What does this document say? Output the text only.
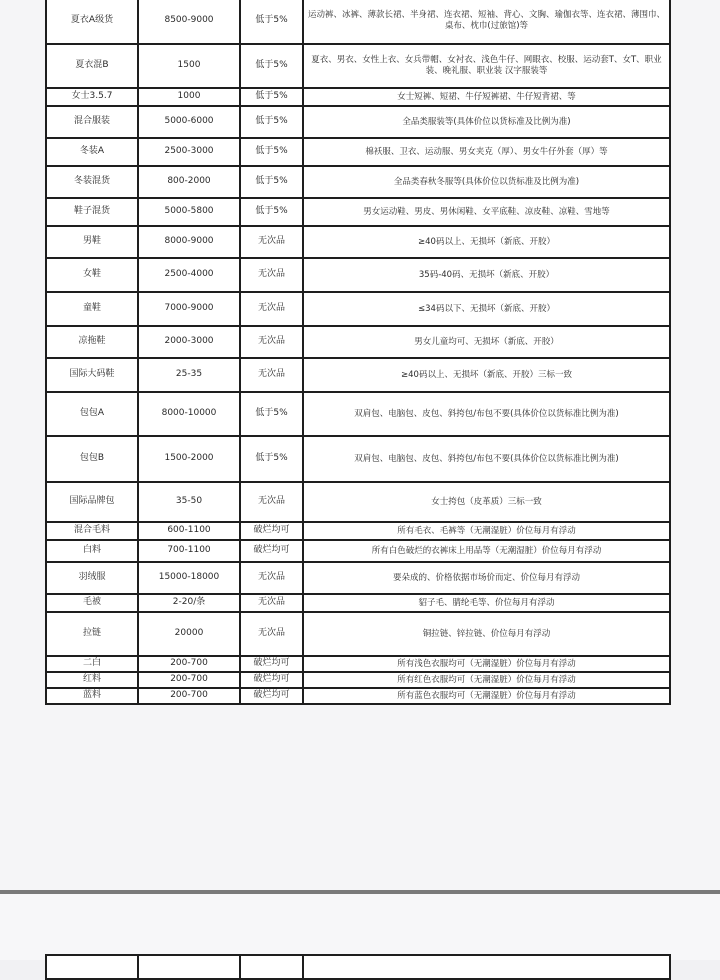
夏衣A级货	8500-9000	低于5%	运动裤、冰裤、薄款长裙、半身裙、连衣裙、短袖、背心、文胸、瑜伽衣等、连衣裙、薄围巾、桌布、枕巾(过旅馆)等
夏衣混B	1500	低于5%	夏衣、男衣、女性上衣、女兵带帽、女衬衣、浅色牛仔、网眼衣、校服、运动套T、女T、职业装、晚礼服、职业装 汉字服装等
女士3.5.7	1000	低于5%	女士短裤、短裙、牛仔短裤裙、牛仔短背裙、等
混合服装	5000-6000	低于5%	全品类服装等(具体价位以货标准及比例为准)
冬装A	2500-3000	低于5%	棉袄服、卫衣、运动服、男女夹克（厚）、男女牛仔外套（厚）等
冬装混货	800-2000	低于5%	全品类春秋冬服等(具体价位以货标准及比例为准)
鞋子混货	5000-5800	低于5%	男女运动鞋、男皮、男休闲鞋、女平底鞋、凉皮鞋、凉鞋、雪地等
男鞋	8000-9000	无次品	≥40码以上、无损坏（新底、开胶）
女鞋	2500-4000	无次品	35码-40码、无损坏（新底、开胶）
童鞋	7000-9000	无次品	≤34码以下、无损坏（新底、开胶）
凉拖鞋	2000-3000	无次品	男女儿童均可、无损坏（新底、开胶）
国际大码鞋	25-35	无次品	≥40码以上、无损坏（新底、开胶）三标一致
包包A	8000-10000	低于5%	双肩包、电脑包、皮包、斜挎包/布包不要(具体价位以货标准比例为准)
包包B	1500-2000	低于5%	双肩包、电脑包、皮包、斜挎包/布包不要(具体价位以货标准比例为准)
国际品牌包	35-50	无次品	女士挎包（皮革质）三标一致
混合毛料	600-1100	破烂均可	所有毛衣、毛裤等（无潮湿脏）价位每月有浮动
白料	700-1100	破烂均可	所有白色破烂的衣裤床上用品等（无潮湿脏）价位每月有浮动
羽绒服	15000-18000	无次品	要朵成的、价格依据市场价而定、价位每月有浮动
毛被	2-20/条	无次品	貂子毛、腈纶毛等、价位每月有浮动
拉链	20000	无次品	铜拉链、锌拉链、价位每月有浮动
二白	200-700	破烂均可	所有浅色衣服均可（无潮湿脏）价位每月有浮动
红料	200-700	破烂均可	所有红色衣服均可（无潮湿脏）价位每月有浮动
蓝料	200-700	破烂均可	所有蓝色衣服均可（无潮湿脏）价位每月有浮动
